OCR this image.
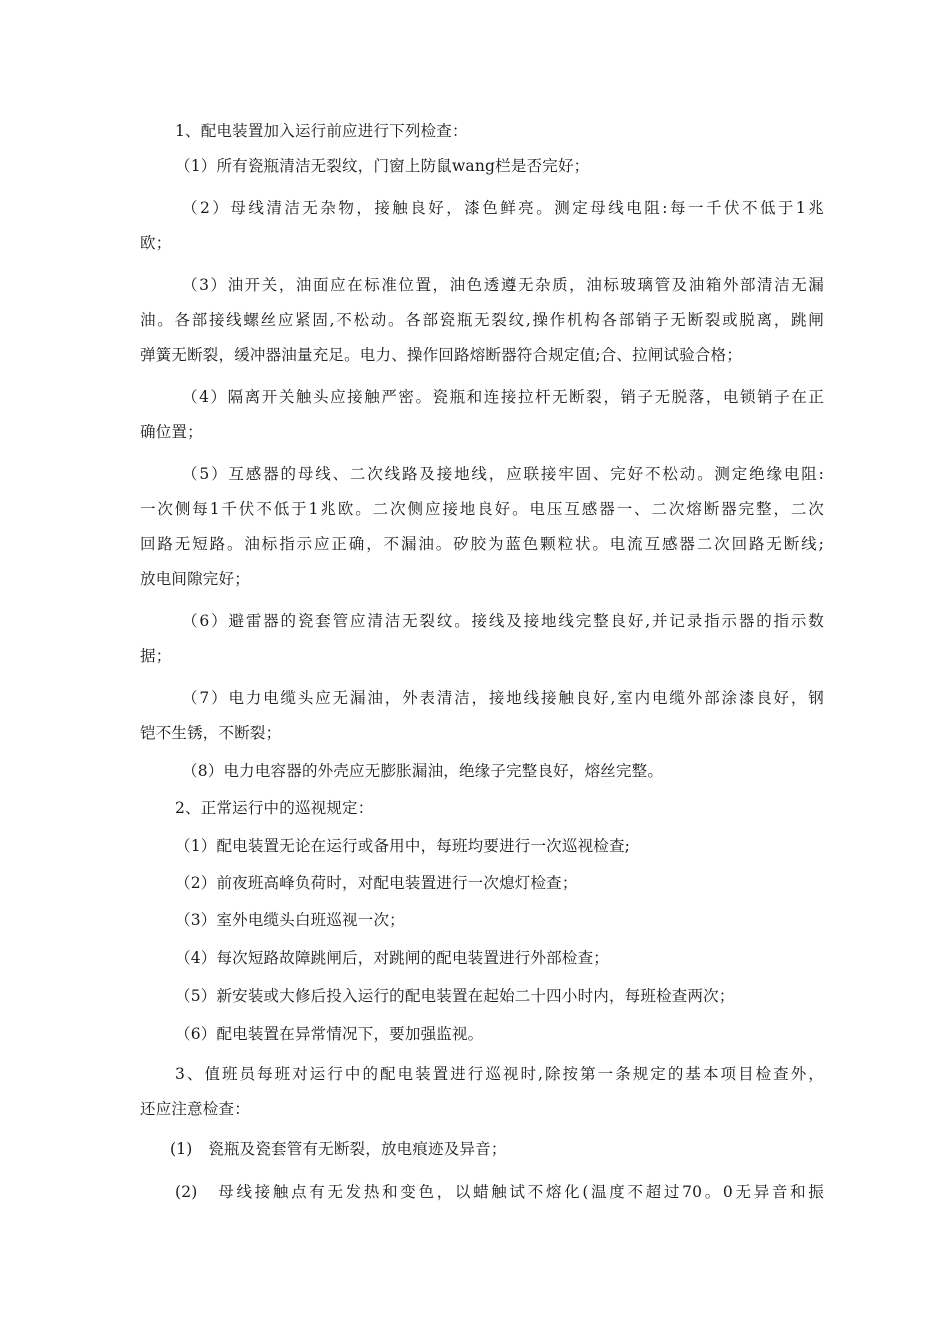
1、配电装置加入运行前应进行下列检查：
（1）所有瓷瓶清洁无裂纹，门窗上防鼠wang栏是否完好；
（2）母线清洁无杂物，接触良好，漆色鲜亮。测定母线电阻:每一千伏不低于1兆
欧；
（3）油开关，油面应在标准位置，油色透遵无杂质，油标玻璃管及油箱外部清洁无漏
油。各部接线螺丝应紧固,不松动。各部瓷瓶无裂纹,操作机构各部销子无断裂或脱离，跳闸
弹簧无断裂，缓冲器油量充足。电力、操作回路熔断器符合规定值;合、拉闸试验合格；
（4）隔离开关触头应接触严密。瓷瓶和连接拉杆无断裂，销子无脱落，电锁销子在正
确位置；
（5）互感器的母线、二次线路及接地线，应联接牢固、完好不松动。测定绝缘电阻:
一次侧每1千伏不低于1兆欧。二次侧应接地良好。电压互感器一、二次熔断器完整，二次
回路无短路。油标指示应正确，不漏油。矽胶为蓝色颗粒状。电流互感器二次回路无断线;
放电间隙完好；
（6）避雷器的瓷套管应清洁无裂纹。接线及接地线完整良好,并记录指示器的指示数
据；
（7）电力电缆头应无漏油，外表清洁，接地线接触良好,室内电缆外部涂漆良好，钢
铠不生锈，不断裂；
（8）电力电容器的外壳应无膨胀漏油，绝缘子完整良好，熔丝完整。
2、正常运行中的巡视规定：
（1）配电装置无论在运行或备用中，每班均要进行一次巡视检查;
（2）前夜班高峰负荷时，对配电装置进行一次熄灯检查；
（3）室外电缆头白班巡视一次；
（4）每次短路故障跳闸后，对跳闸的配电装置进行外部检查；
（5）新安装或大修后投入运行的配电装置在起始二十四小时内，每班检查两次；
（6）配电装置在异常情况下，要加强监视。
3、值班员每班对运行中的配电装置进行巡视时,除按第一条规定的基本项目检查外，
还应注意检查：
(1)　瓷瓶及瓷套管有无断裂，放电痕迹及异音；
(2)　母线接触点有无发热和变色，以蜡触试不熔化(温度不超过70。0无异音和振
